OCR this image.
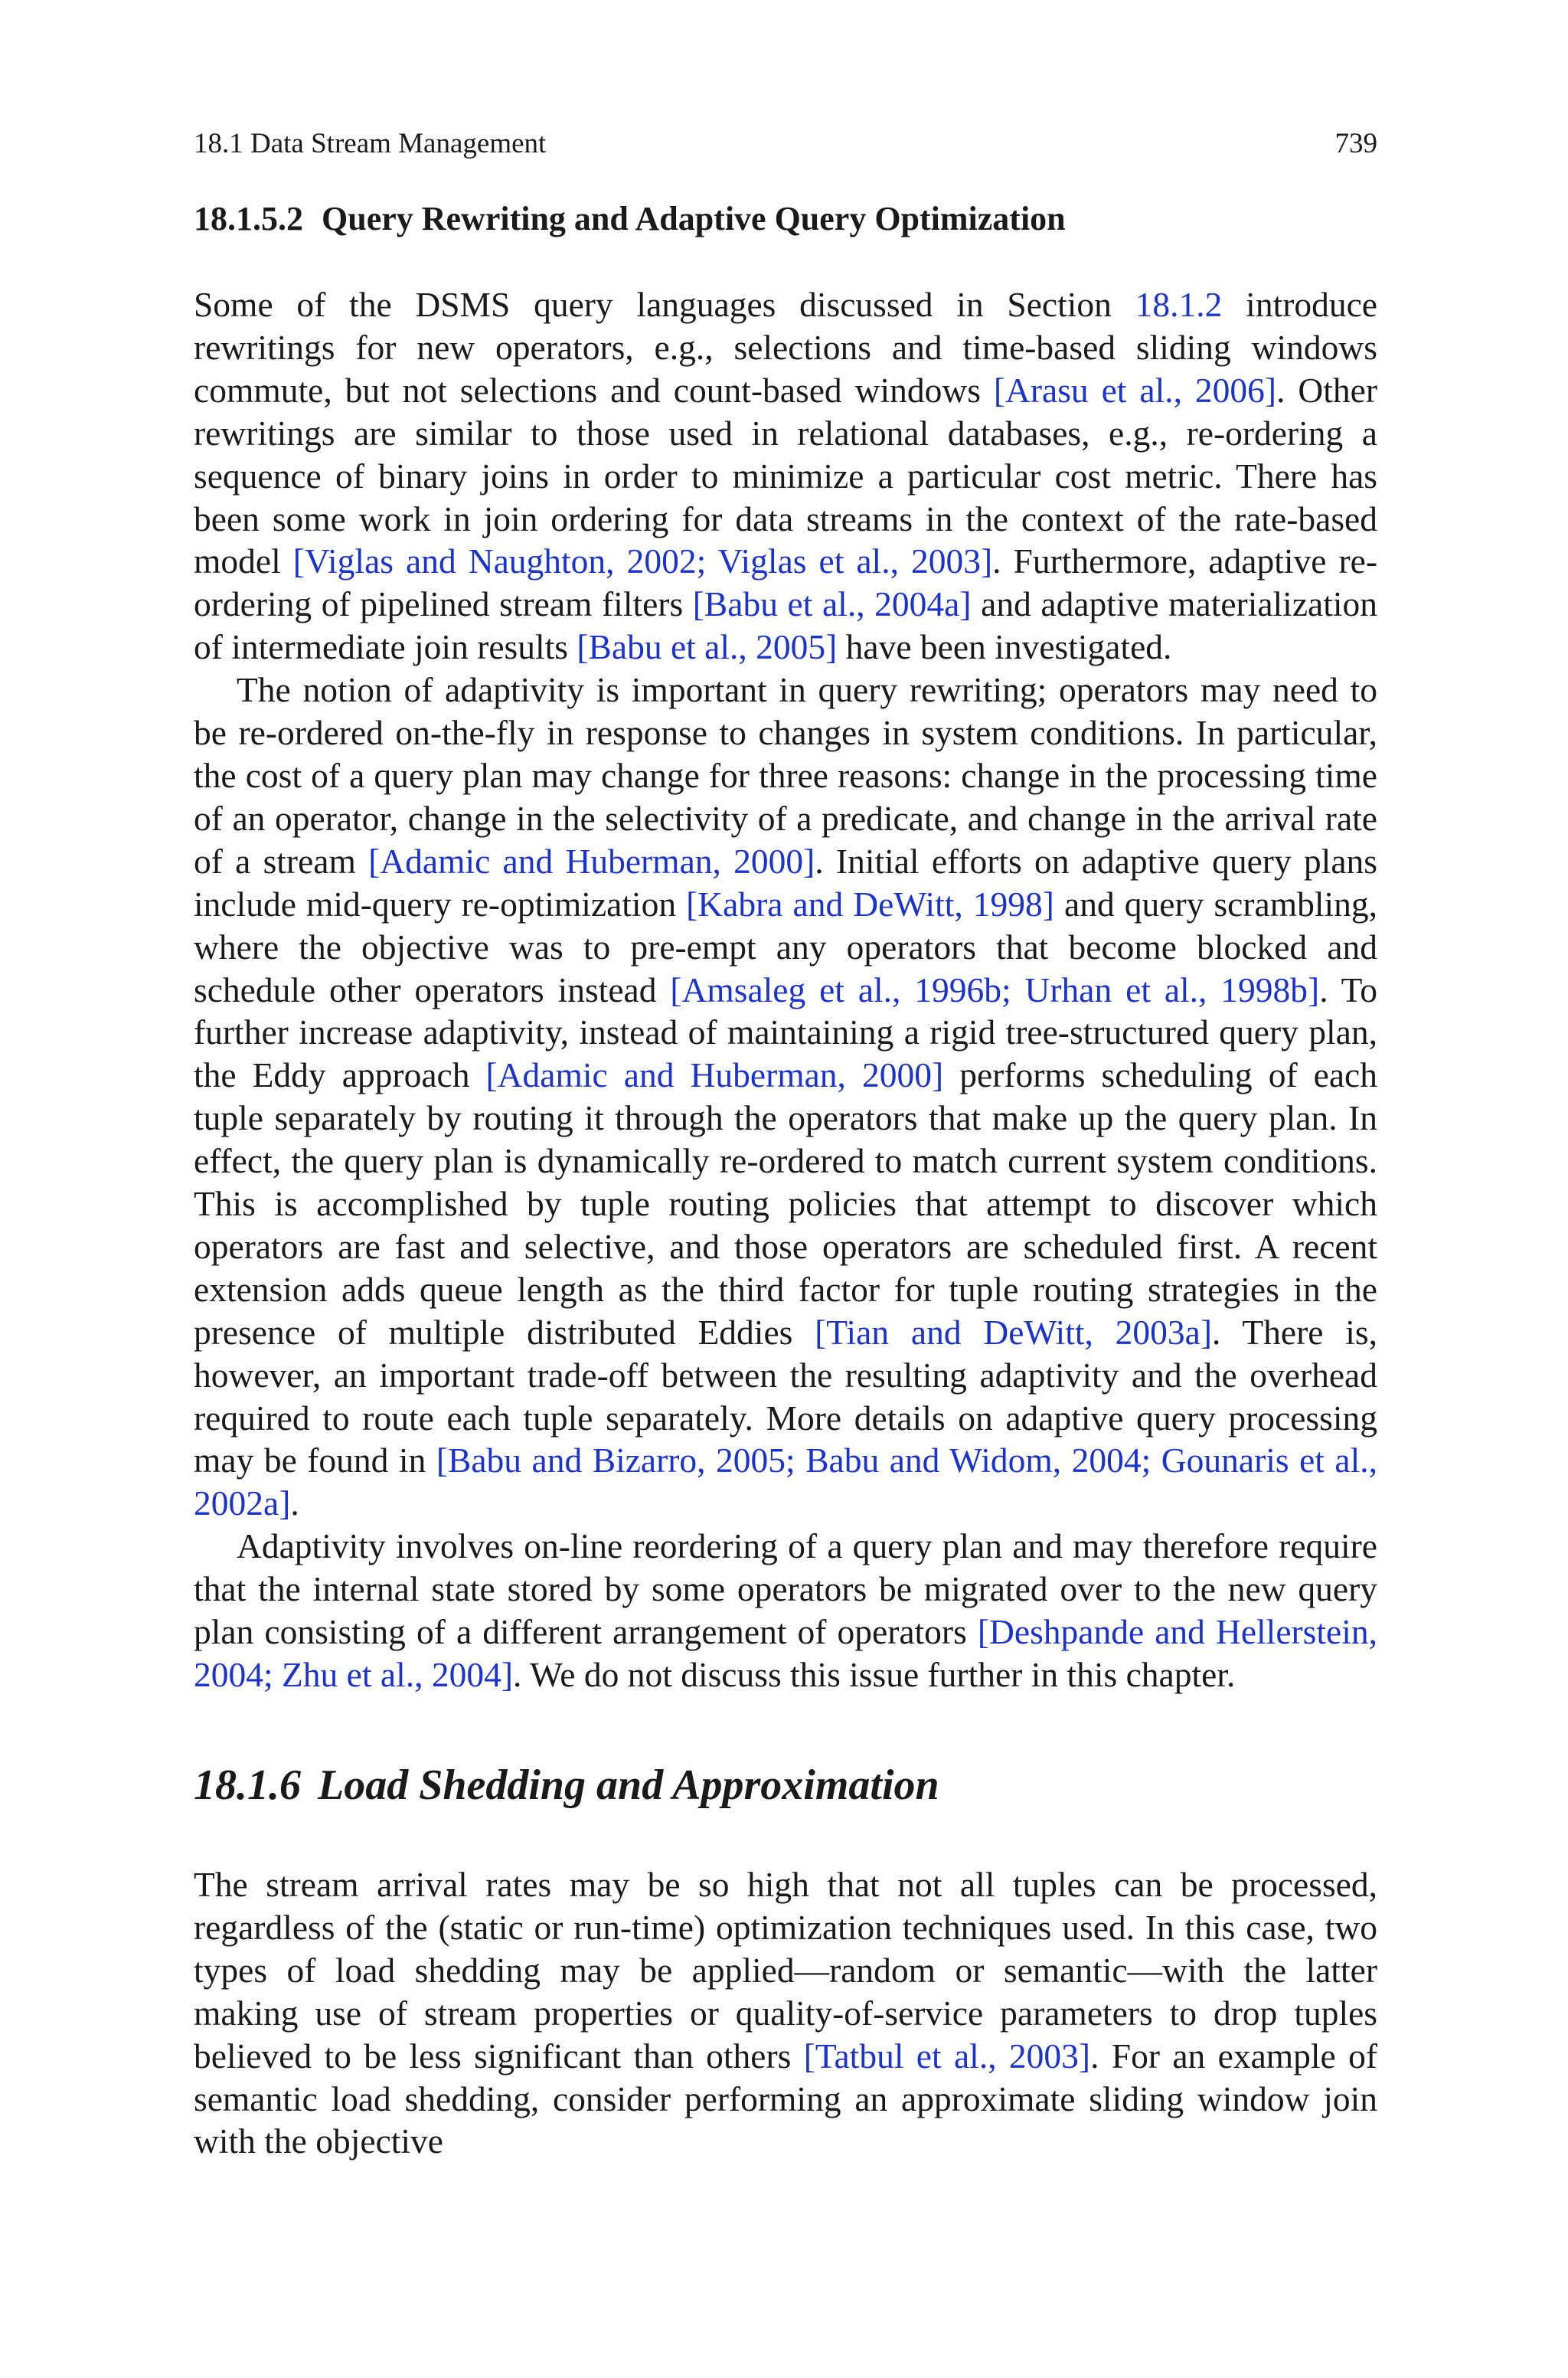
18.1 Data Stream Management	739
18.1.5.2 Query Rewriting and Adaptive Query Optimization

Some of the DSMS query languages discussed in Section 18.1.2 introduce rewritings for new operators, e.g., selections and time-based sliding windows commute, but not selections and count-based windows [Arasu et al., 2006]. Other rewritings are similar to those used in relational databases, e.g., re-ordering a sequence of binary joins in order to minimize a particular cost metric. There has been some work in join ordering for data streams in the context of the rate-based model [Viglas and Naughton, 2002; Viglas et al., 2003]. Furthermore, adaptive re-ordering of pipelined stream filters [Babu et al., 2004a] and adaptive materialization of intermediate join results [Babu et al., 2005] have been investigated.

The notion of adaptivity is important in query rewriting; operators may need to be re-ordered on-the-fly in response to changes in system conditions. In particular, the cost of a query plan may change for three reasons: change in the processing time of an operator, change in the selectivity of a predicate, and change in the arrival rate of a stream [Adamic and Huberman, 2000]. Initial efforts on adaptive query plans include mid-query re-optimization [Kabra and DeWitt, 1998] and query scrambling, where the objective was to pre-empt any operators that become blocked and schedule other operators instead [Amsaleg et al., 1996b; Urhan et al., 1998b]. To further increase adaptivity, instead of maintaining a rigid tree-structured query plan, the Eddy approach [Adamic and Huberman, 2000] performs scheduling of each tuple separately by routing it through the operators that make up the query plan. In effect, the query plan is dynamically re-ordered to match current system conditions. This is accomplished by tuple routing policies that attempt to discover which operators are fast and selective, and those operators are scheduled first. A recent extension adds queue length as the third factor for tuple routing strategies in the presence of multiple distributed Eddies [Tian and DeWitt, 2003a]. There is, however, an important trade-off between the resulting adaptivity and the overhead required to route each tuple separately. More details on adaptive query processing may be found in [Babu and Bizarro, 2005; Babu and Widom, 2004; Gounaris et al., 2002a].

Adaptivity involves on-line reordering of a query plan and may therefore require that the internal state stored by some operators be migrated over to the new query plan consisting of a different arrangement of operators [Deshpande and Hellerstein, 2004; Zhu et al., 2004]. We do not discuss this issue further in this chapter.

18.1.6 Load Shedding and Approximation

The stream arrival rates may be so high that not all tuples can be processed, regardless of the (static or run-time) optimization techniques used. In this case, two types of load shedding may be applied—random or semantic—with the latter making use of stream properties or quality-of-service parameters to drop tuples believed to be less significant than others [Tatbul et al., 2003]. For an example of semantic load shedding, consider performing an approximate sliding window join with the objective
